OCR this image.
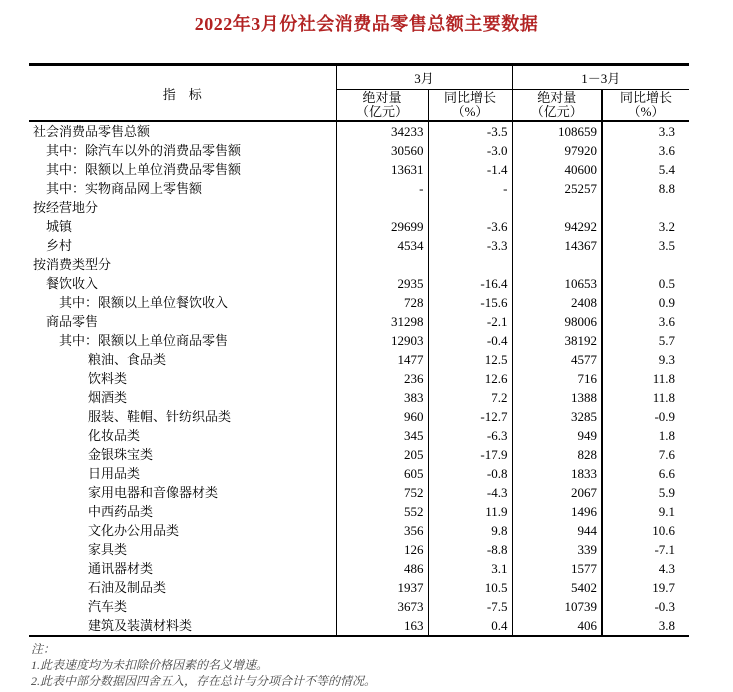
2022年3月份社会消费品零售总额主要数据
指　标	3月		1－3月	

绝对量
（亿元）

同比增长
（%）

绝对量
（亿元）

同比增长
（%）

社会消费品零售总额	34233	-3.5	108659	3.3
其中：除汽车以外的消费品零售额	30560	-3.0	97920	3.6
其中：限额以上单位消费品零售额	13631	-1.4	40600	5.4
其中：实物商品网上零售额	-	-	25257	8.8
按经营地分				
城镇	29699	-3.6	94292	3.2
乡村	4534	-3.3	14367	3.5
按消费类型分				
餐饮收入	2935	-16.4	10653	0.5
其中：限额以上单位餐饮收入	728	-15.6	2408	0.9
商品零售	31298	-2.1	98006	3.6
其中：限额以上单位商品零售	12903	-0.4	38192	5.7
粮油、食品类	1477	12.5	4577	9.3
饮料类	236	12.6	716	11.8
烟酒类	383	7.2	1388	11.8
服装、鞋帽、针纺织品类	960	-12.7	3285	-0.9
化妆品类	345	-6.3	949	1.8
金银珠宝类	205	-17.9	828	7.6
日用品类	605	-0.8	1833	6.6
家用电器和音像器材类	752	-4.3	2067	5.9
中西药品类	552	11.9	1496	9.1
文化办公用品类	356	9.8	944	10.6
家具类	126	-8.8	339	-7.1
通讯器材类	486	3.1	1577	4.3
石油及制品类	1937	10.5	5402	19.7
汽车类	3673	-7.5	10739	-0.3
建筑及装潢材料类	163	0.4	406	3.8
注：
1.此表速度均为未扣除价格因素的名义增速。
2.此表中部分数据因四舍五入，存在总计与分项合计不等的情况。
